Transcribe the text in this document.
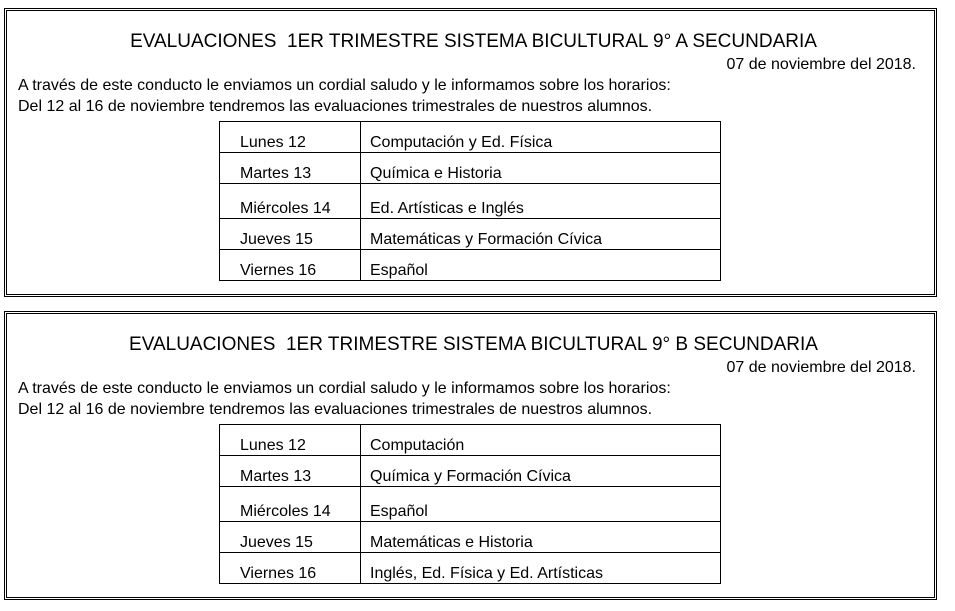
EVALUACIONES  1ER TRIMESTRE SISTEMA BICULTURAL 9° A SECUNDARIA
07 de noviembre del 2018.
A través de este conducto le enviamos un cordial saludo y le informamos sobre los horarios:
Del 12 al 16 de noviembre tendremos las evaluaciones trimestrales de nuestros alumnos.
Lunes 12	Computación y Ed. Física
Martes 13	Química e Historia
Miércoles 14	Ed. Artísticas e Inglés
Jueves 15	Matemáticas y Formación Cívica
Viernes 16	Español
EVALUACIONES  1ER TRIMESTRE SISTEMA BICULTURAL 9° B SECUNDARIA
07 de noviembre del 2018.
A través de este conducto le enviamos un cordial saludo y le informamos sobre los horarios:
Del 12 al 16 de noviembre tendremos las evaluaciones trimestrales de nuestros alumnos.
Lunes 12	Computación
Martes 13	Química y Formación Cívica
Miércoles 14	Español
Jueves 15	Matemáticas e Historia
Viernes 16	Inglés, Ed. Física y Ed. Artísticas
